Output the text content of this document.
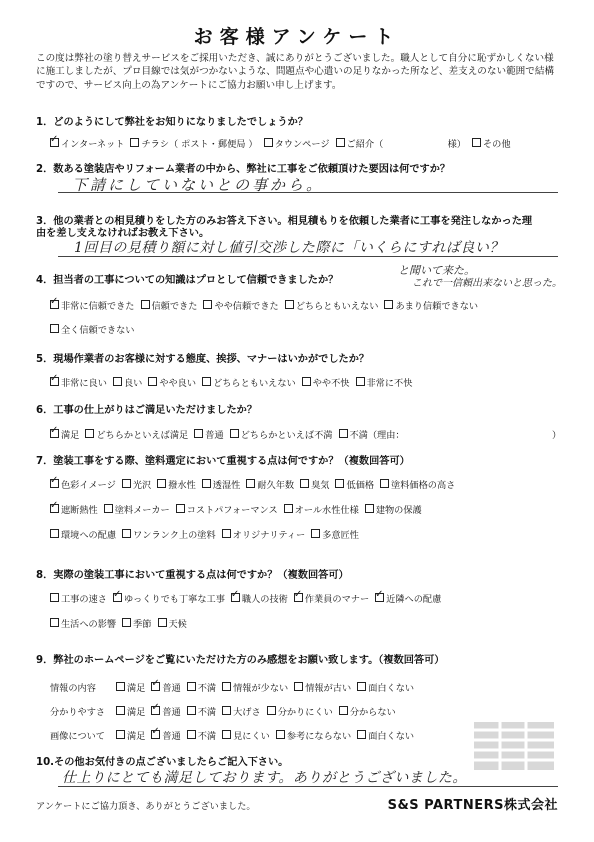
お客様アンケート
この度は弊社の塗り替えサービスをご採用いただき、誠にありがとうございました。職人として自分に恥ずかしくない様に施工しましたが、プロ目線では気がつかないような、問題点や心遣いの足りなかった所など、差支えのない範囲で結構ですので、サービス向上の為アンケートにご協力お願い申し上げます。
1．どのようにして弊社をお知りになりましたでしょうか？
✓インターネット チラシ（ ポスト・郵便局 ） タウンページ ご紹介（　　　　　　　様） その他
2．数ある塗装店やリフォーム業者の中から、弊社に工事をご依頼頂けた要因は何ですか？
下請にしていないとの事から。
3．他の業者との相見積りをした方のみお答え下さい。相見積もりを依頼した業者に工事を発注しなかった理
由を差し支えなければお教え下さい。
1回目の見積り額に対し値引交渉した際に「いくらにすれば良い？
と聞いて来た。
これで一信頼出来ないと思った。
4．担当者の工事についての知識はプロとして信頼できましたか？
✓非常に信頼できた 信頼できた やや信頼できた どちらともいえない あまり信頼できない
全く信頼できない
5．現場作業者のお客様に対する態度、挨拶、マナーはいかがでしたか？
✓非常に良い 良い やや良い どちらともいえない やや不快 非常に不快
6．工事の仕上がりはご満足いただけましたか？
✓満足 どちらかといえば満足 普通 どちらかといえば不満 不満（理由：	）
7．塗装工事をする際、塗料選定において重視する点は何ですか？（複数回答可）
✓色彩イメージ 光沢 撥水性 透湿性 耐久年数 臭気 低価格 塗料価格の高さ
✓遮断熱性 塗料メーカー コストパフォーマンス オール水性仕様 建物の保護
環境への配慮 ワンランク上の塗料 オリジナリティー 多意匠性
8．実際の塗装工事において重視する点は何ですか？（複数回答可）
工事の速さ ✓ ゆっくりでも丁寧な工事 ✓ 職人の技術 ✓ 作業員のマナー ✓ 近隣への配慮
生活への影響 季節 天候
9．弊社のホームページをご覧にいただけた方のみ感想をお願い致します。（複数回答可）
情報の内容	満足 ✓ 普通 不満 情報が少ない 情報が古い 面白くない
分かりやすさ 満足 ✓ 普通 不満 大げさ 分かりにくい 分からない
画像について 満足 ✓ 普通 不満 見にくい 参考にならない 面白くない
10.その他お気付きの点ございましたらご記入下さい。
仕上りにとても満足しております。ありがとうございました。
アンケートにご協力頂き、ありがとうございました。	S&S PARTNERS株式会社
